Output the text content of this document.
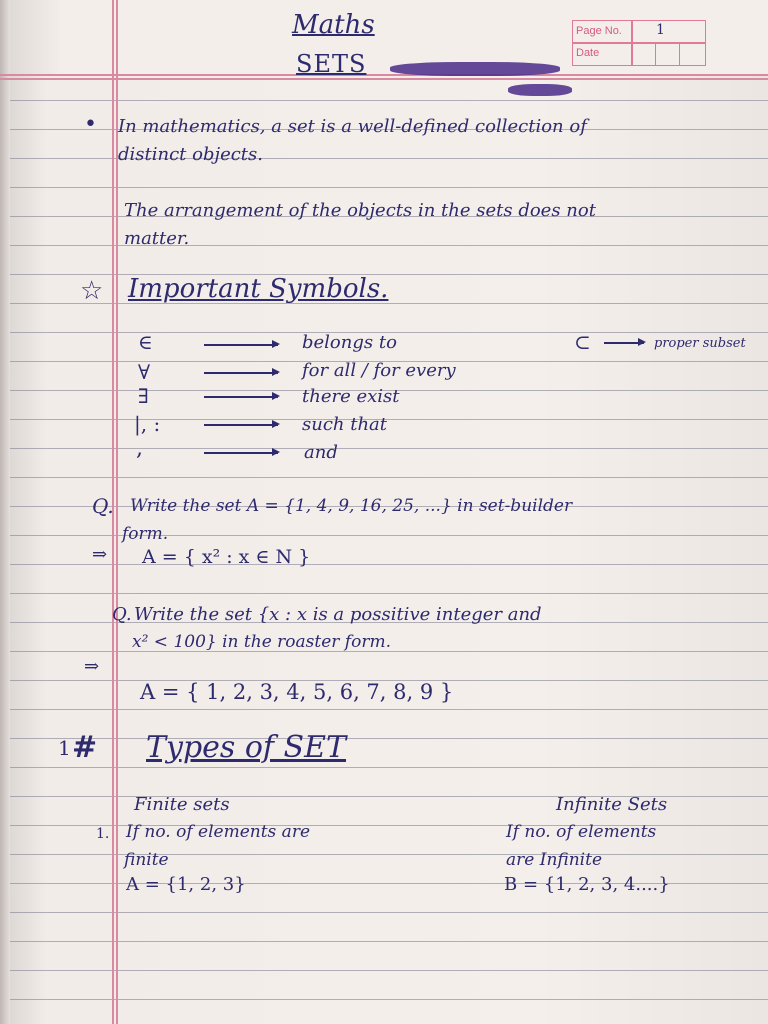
Maths
SETS
Page No.
Date
1
• In mathematics, a set is a well-defined collection of
distinct objects.
The arrangement of the objects in the sets does not
matter.
☆ Important Symbols.
∈	belongs to
∀	for all / for every
∃	there exist
|, :	such that
,	and
⊂	proper subset
Q. Write the set A = {1, 4, 9, 16, 25, ...} in set-builder
form.
⇒ A = { x² : x ∈ N }
Q. Write the set {x : x is a possitive integer and
x² < 100} in the roaster form.
⇒
A = { 1, 2, 3, 4, 5, 6, 7, 8, 9 }
1 # Types of SET
Finite sets
1. If no. of elements are
finite
A = {1, 2, 3}
Infinite Sets
If no. of elements
are Infinite
B = {1, 2, 3, 4....}
